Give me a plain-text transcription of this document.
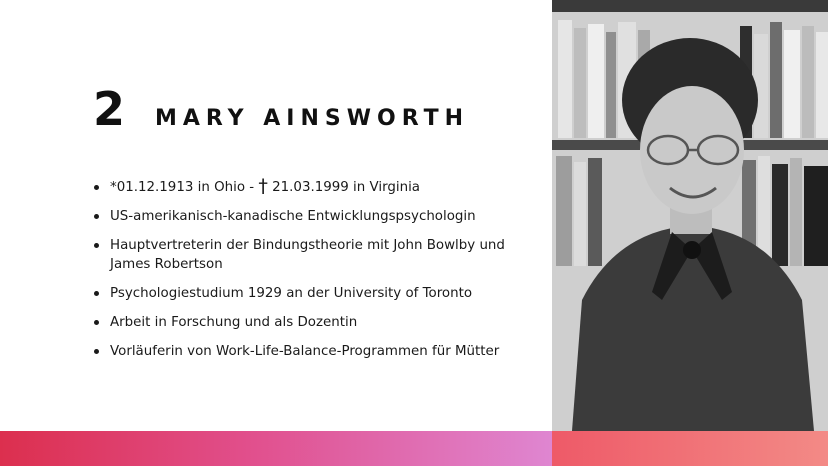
2 MARY AINSWORTH
*01.12.1913 in Ohio - † 21.03.1999 in Virginia
US-amerikanisch-kanadische Entwicklungspsychologin
Hauptvertreterin der Bindungstheorie mit John Bowlby und James Robertson
Psychologiestudium 1929 an der University of Toronto
Arbeit in Forschung und als Dozentin
Vorläuferin von Work-Life-Balance-Programmen für Mütter
